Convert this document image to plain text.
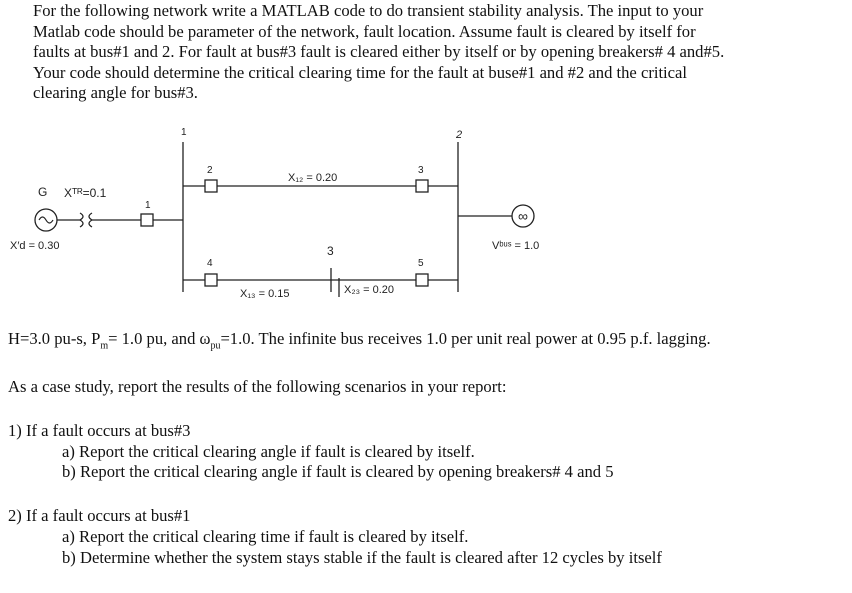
For the following network write a MATLAB code to do transient stability analysis. The input to your Matlab code should be parameter of the network, fault location. Assume fault is cleared by itself for faults at bus#1 and 2. For fault at bus#3 fault is cleared either by itself or by opening breakers# 4 and#5. Your code should determine the critical clearing time for the fault at buse#1 and #2 and the critical clearing angle for bus#3.

∞
1	2
1
2	3
4	5
3
G Xᵀᴿ=0.1
X′d = 0.30
X₁₂ = 0.20
X₁₃ = 0.15	X₂₃ = 0.20
Vᵇᵘˢ = 1.0

H=3.0 pu-s, $P_m= 1.0$ pu, and $\omega_{pu}=1.0$. The infinite bus receives 1.0 per unit real power at 0.95 p.f. lagging.

As a case study, report the results of the following scenarios in your report:

1) If a fault occurs at bus#3

a) Report the critical clearing angle if fault is cleared by itself.

b) Report the critical clearing angle if fault is cleared by opening breakers# 4 and 5

2) If a fault occurs at bus#1

a) Report the critical clearing time if fault is cleared by itself.

b) Determine whether the system stays stable if the fault is cleared after 12 cycles by itself
